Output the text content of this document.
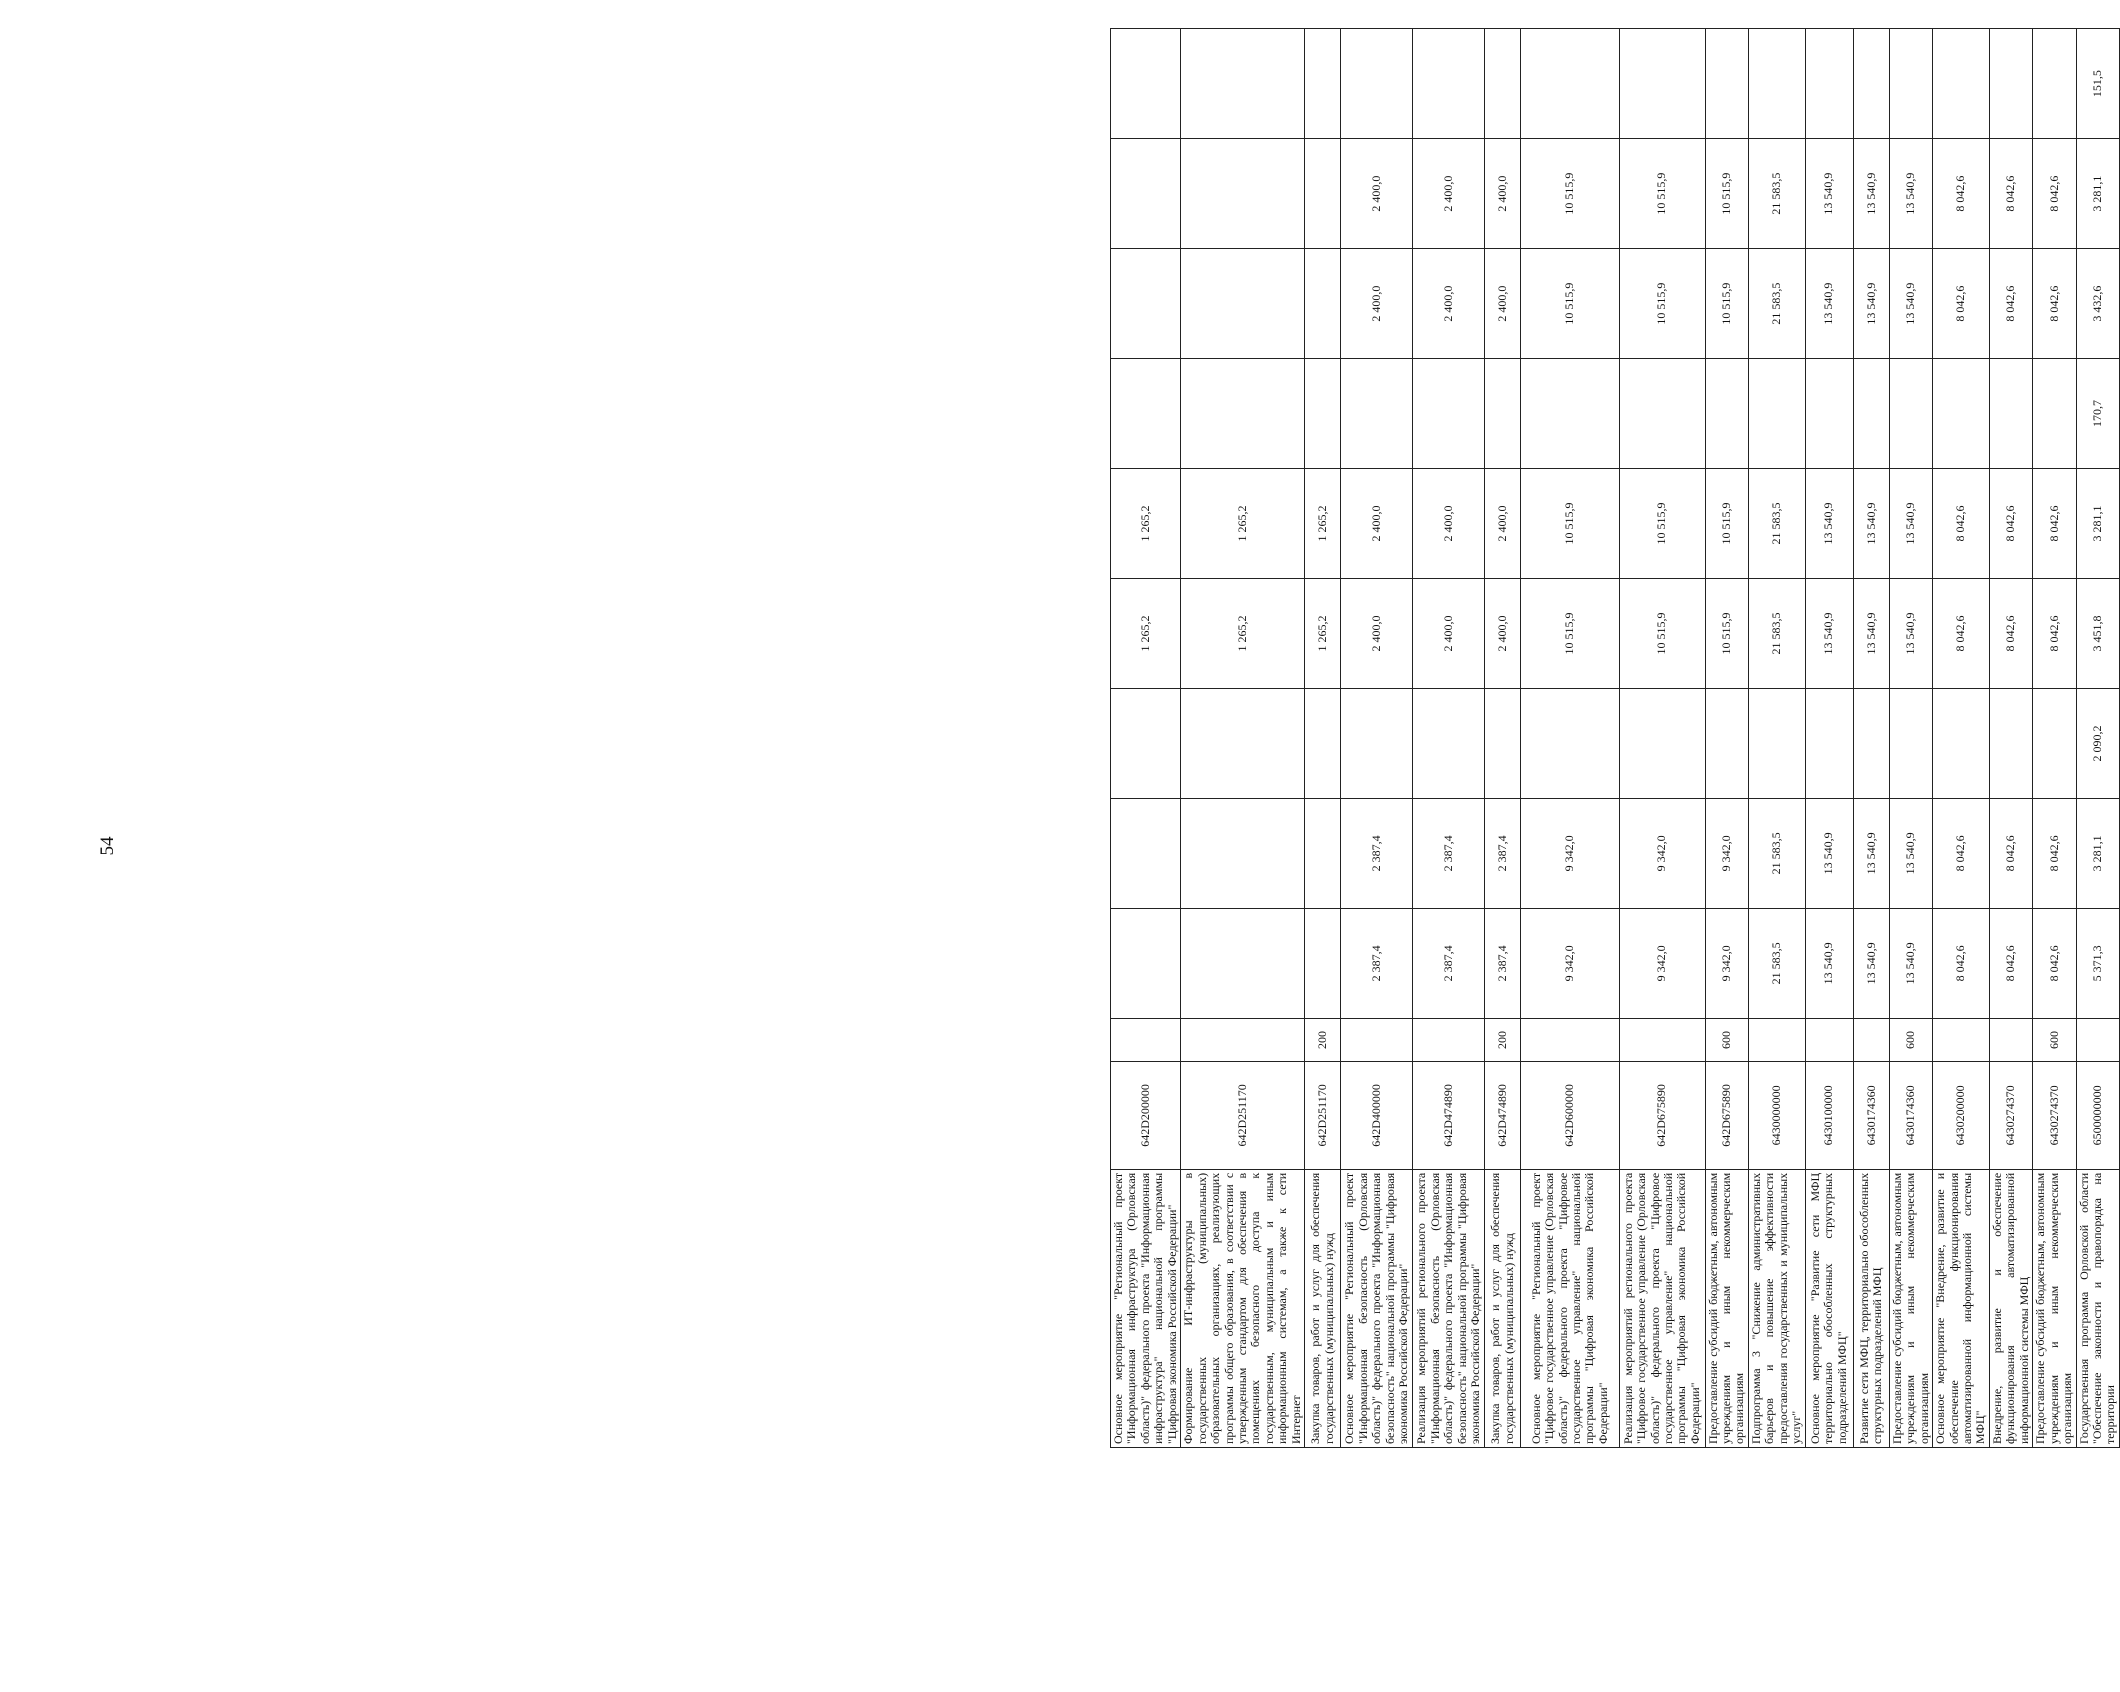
54
Основное мероприятие "Региональный проект "Информационная инфраструктура (Орловская область)" федерального проекта "Информационная инфраструктура" национальной программы "Цифровая экономика Российской Федерации"	642D200000					1 265,2	1 265,2				
Формирование ИТ-инфраструктуры в государственных (муниципальных) образовательных организациях, реализующих программы общего образования, в соответствии с утвержденным стандартом для обеспечения в помещениях безопасного доступа к государственным, муниципальным и иным информационным системам, а также к сети Интернет	642D251170					1 265,2	1 265,2				
Закупка товаров, работ и услуг для обеспечения государственных (муниципальных) нужд	642D251170	200				1 265,2	1 265,2				
Основное мероприятие "Региональный проект "Информационная безопасность (Орловская область)" федерального проекта "Информационная безопасность" национальной программы "Цифровая экономика Российской Федерации"	642D400000		2 387,4	2 387,4		2 400,0	2 400,0		2 400,0	2 400,0	
Реализация мероприятий регионального проекта "Информационная безопасность (Орловская область)" федерального проекта "Информационная безопасность" национальной программы "Цифровая экономика Российской Федерации"	642D474890		2 387,4	2 387,4		2 400,0	2 400,0		2 400,0	2 400,0	
Закупка товаров, работ и услуг для обеспечения государственных (муниципальных) нужд	642D474890	200	2 387,4	2 387,4		2 400,0	2 400,0		2 400,0	2 400,0	
Основное мероприятие "Региональный проект "Цифровое государственное управление (Орловская область)" федерального проекта "Цифровое государственное управление" национальной программы "Цифровая экономика Российской Федерации"	642D600000		9 342,0	9 342,0		10 515,9	10 515,9		10 515,9	10 515,9	
Реализация мероприятий регионального проекта "Цифровое государственное управление (Орловская область)" федерального проекта "Цифровое государственное управление" национальной программы "Цифровая экономика Российской Федерации"	642D675890		9 342,0	9 342,0		10 515,9	10 515,9		10 515,9	10 515,9	
Предоставление субсидий бюджетным, автономным учреждениям и иным некоммерческим организациям	642D675890	600	9 342,0	9 342,0		10 515,9	10 515,9		10 515,9	10 515,9	
Подпрограмма 3 "Снижение административных барьеров и повышение эффективности предоставления государственных и муниципальных услуг"	6430000000		21 583,5	21 583,5		21 583,5	21 583,5		21 583,5	21 583,5	
Основное мероприятие "Развитие сети МФЦ территориально обособленных структурных подразделений МФЦ"	6430100000		13 540,9	13 540,9		13 540,9	13 540,9		13 540,9	13 540,9	
Развитие сети МФЦ, территориально обособленных структурных подразделений МФЦ	6430174360		13 540,9	13 540,9		13 540,9	13 540,9		13 540,9	13 540,9	
Предоставление субсидий бюджетным, автономным учреждениям и иным некоммерческим организациям	6430174360	600	13 540,9	13 540,9		13 540,9	13 540,9		13 540,9	13 540,9	
Основное мероприятие "Внедрение, развитие и обеспечение функционирования автоматизированной информационной системы МФЦ"	6430200000		8 042,6	8 042,6		8 042,6	8 042,6		8 042,6	8 042,6	
Внедрение, развитие и обеспечение функционирования автоматизированной информационной системы МФЦ	6430274370		8 042,6	8 042,6		8 042,6	8 042,6		8 042,6	8 042,6	
Предоставление субсидий бюджетным, автономным учреждениям и иным некоммерческим организациям	6430274370	600	8 042,6	8 042,6		8 042,6	8 042,6		8 042,6	8 042,6	
Государственная программа Орловской области "Обеспечение законности и правопорядка на территории	6500000000		5 371,3	3 281,1	2 090,2	3 451,8	3 281,1	170,7	3 432,6	3 281,1	151,5
